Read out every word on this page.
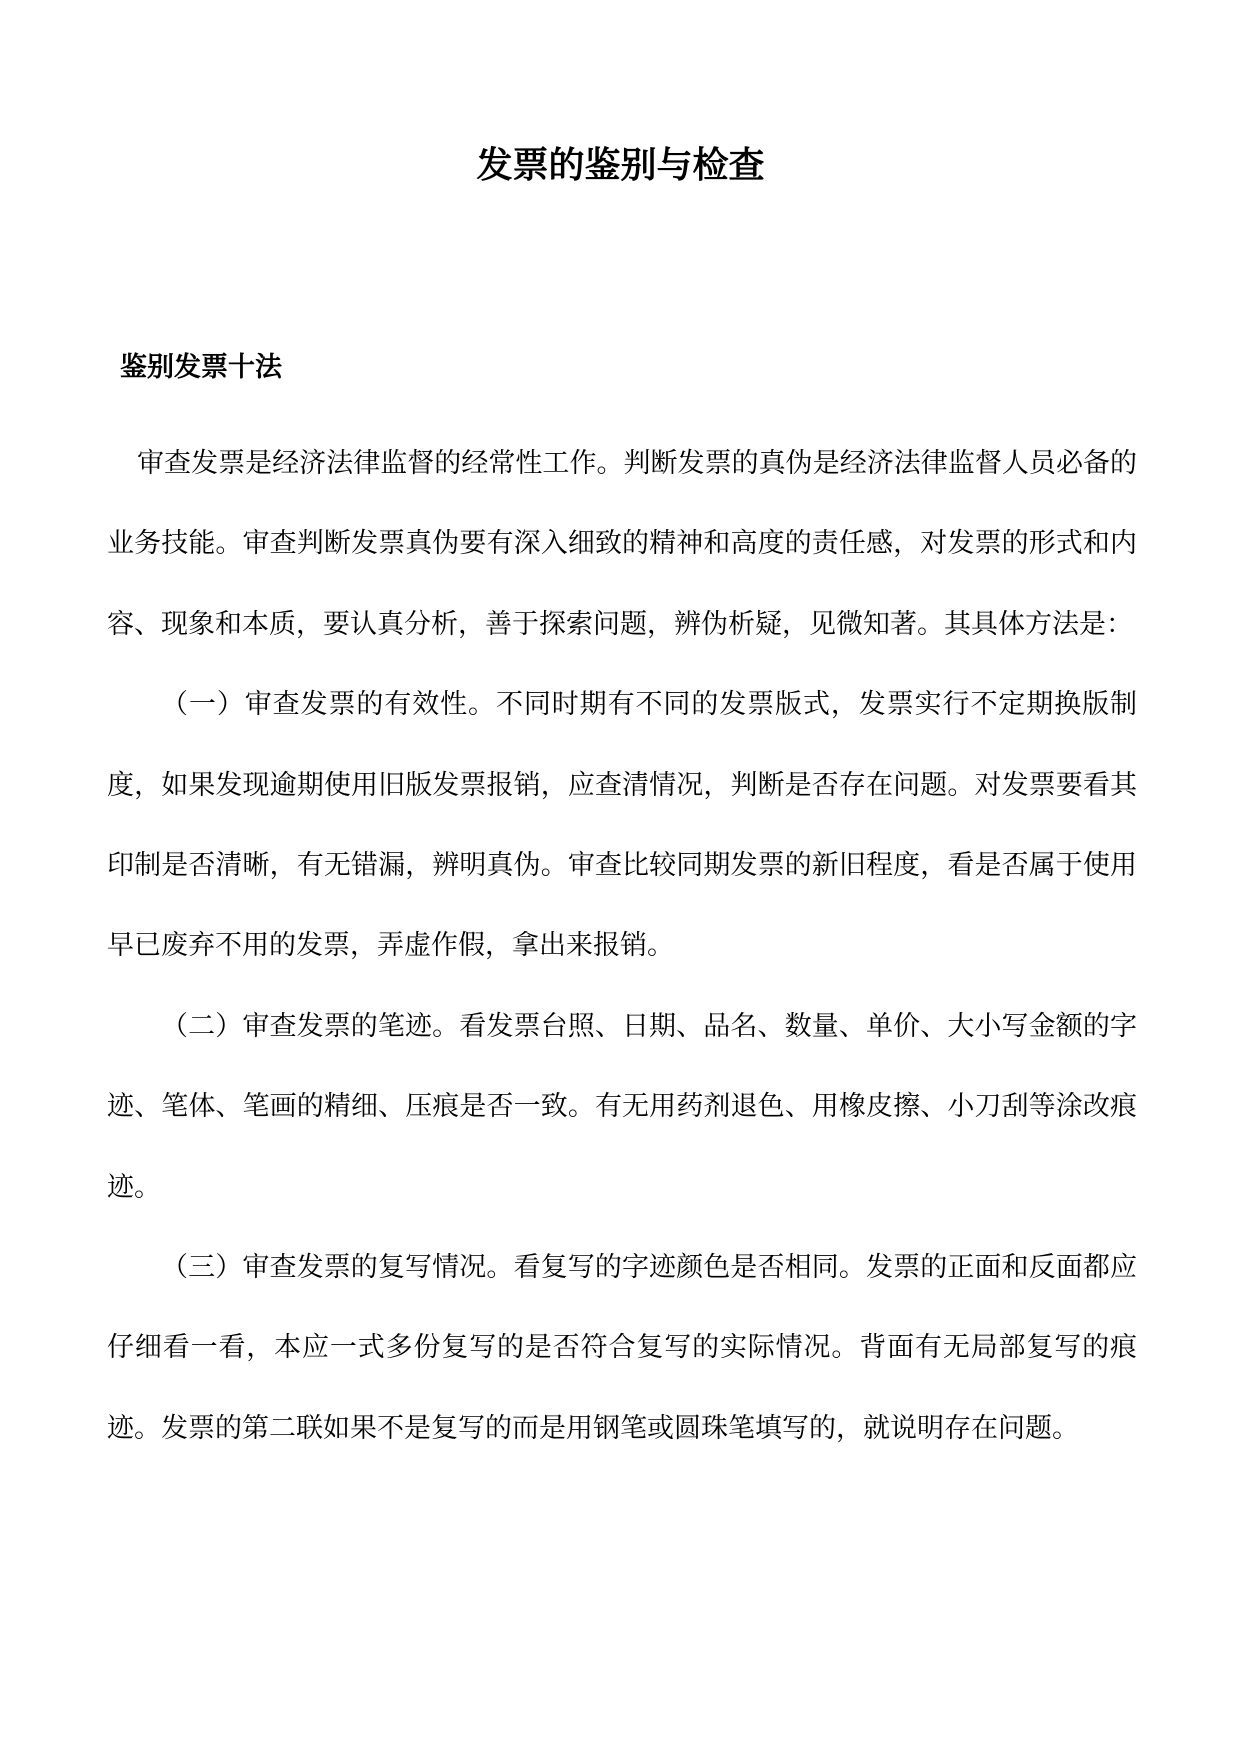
发票的鉴别与检查
鉴别发票十法

审查发票是经济法律监督的经常性工作。判断发票的真伪是经济法律监督人员必备的业务技能。审查判断发票真伪要有深入细致的精神和高度的责任感，对发票的形式和内容、现象和本质，要认真分析，善于探索问题，辨伪析疑，见微知著。其具体方法是：

（一）审查发票的有效性。不同时期有不同的发票版式，发票实行不定期换版制度，如果发现逾期使用旧版发票报销，应查清情况，判断是否存在问题。对发票要看其印制是否清晰，有无错漏，辨明真伪。审查比较同期发票的新旧程度，看是否属于使用早已废弃不用的发票，弄虚作假，拿出来报销。

（二）审查发票的笔迹。看发票台照、日期、品名、数量、单价、大小写金额的字迹、笔体、笔画的精细、压痕是否一致。有无用药剂退色、用橡皮擦、小刀刮等涂改痕迹。

（三）审查发票的复写情况。看复写的字迹颜色是否相同。发票的正面和反面都应仔细看一看，本应一式多份复写的是否符合复写的实际情况。背面有无局部复写的痕迹。发票的第二联如果不是复写的而是用钢笔或圆珠笔填写的，就说明存在问题。
